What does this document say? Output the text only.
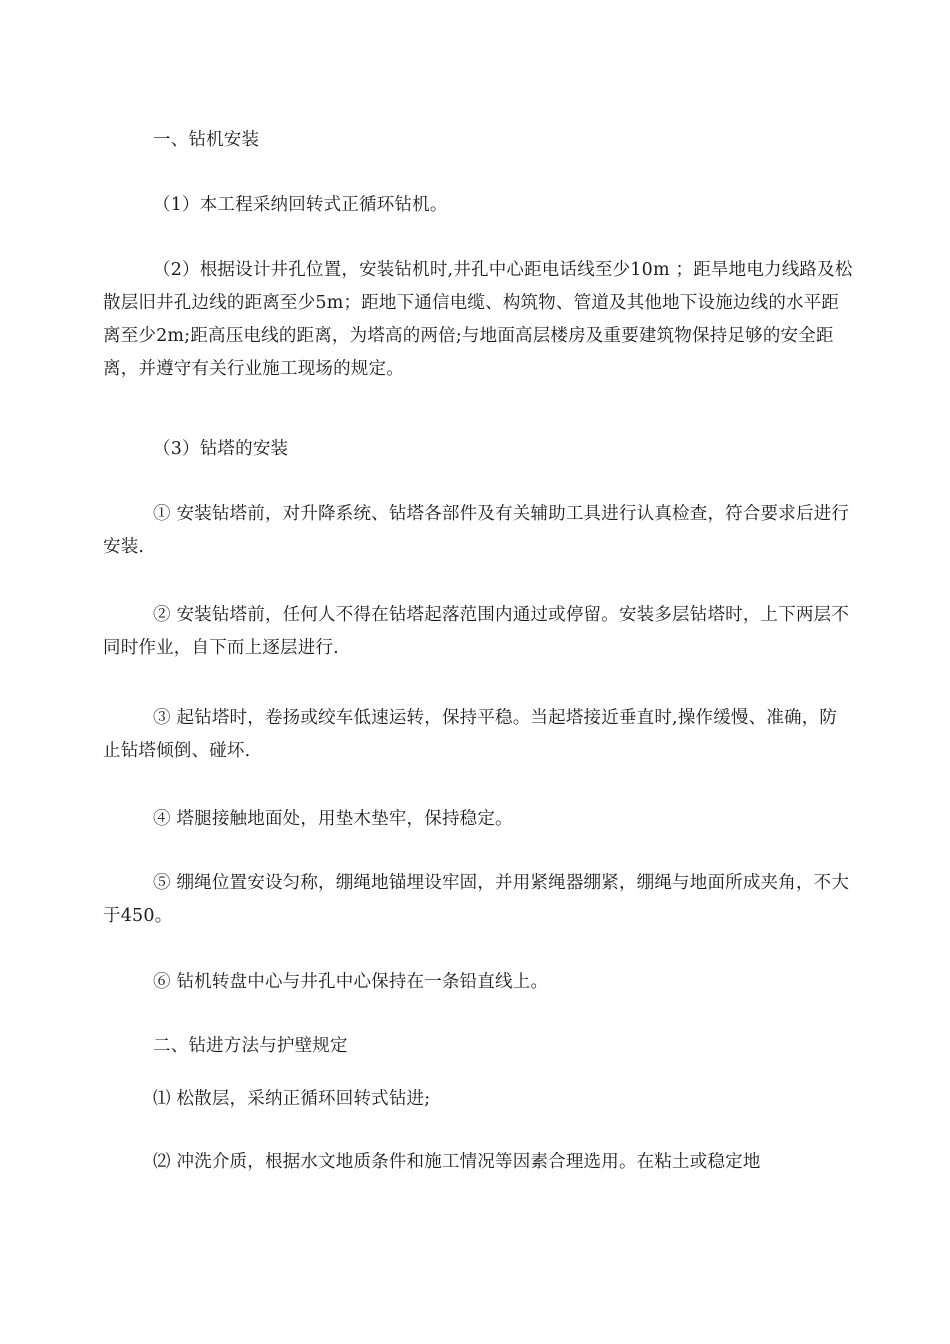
一、钻机安装

（1）本工程采纳回转式正循环钻机。

（2）根据设计井孔位置，安装钻机时,井孔中心距电话线至少10m ；距旱地电力线路及松散层旧井孔边线的距离至少5m；距地下通信电缆、构筑物、管道及其他地下设施边线的水平距离至少2m;距高压电线的距离，为塔高的两倍;与地面高层楼房及重要建筑物保持足够的安全距离，并遵守有关行业施工现场的规定。

（3）钻塔的安装

① 安装钻塔前，对升降系统、钻塔各部件及有关辅助工具进行认真检查，符合要求后进行安装.

② 安装钻塔前，任何人不得在钻塔起落范围内通过或停留。安装多层钻塔时，上下两层不同时作业，自下而上逐层进行.

③ 起钻塔时，卷扬或绞车低速运转，保持平稳。当起塔接近垂直时,操作缓慢、准确，防止钻塔倾倒、碰坏.

④ 塔腿接触地面处，用垫木垫牢，保持稳定。

⑤ 绷绳位置安设匀称，绷绳地锚埋设牢固，并用紧绳器绷紧，绷绳与地面所成夹角，不大于450。

⑥ 钻机转盘中心与井孔中心保持在一条铅直线上。

二、钻进方法与护壁规定

⑴ 松散层，采纳正循环回转式钻进;

⑵ 冲洗介质，根据水文地质条件和施工情况等因素合理选用。在粘土或稳定地
